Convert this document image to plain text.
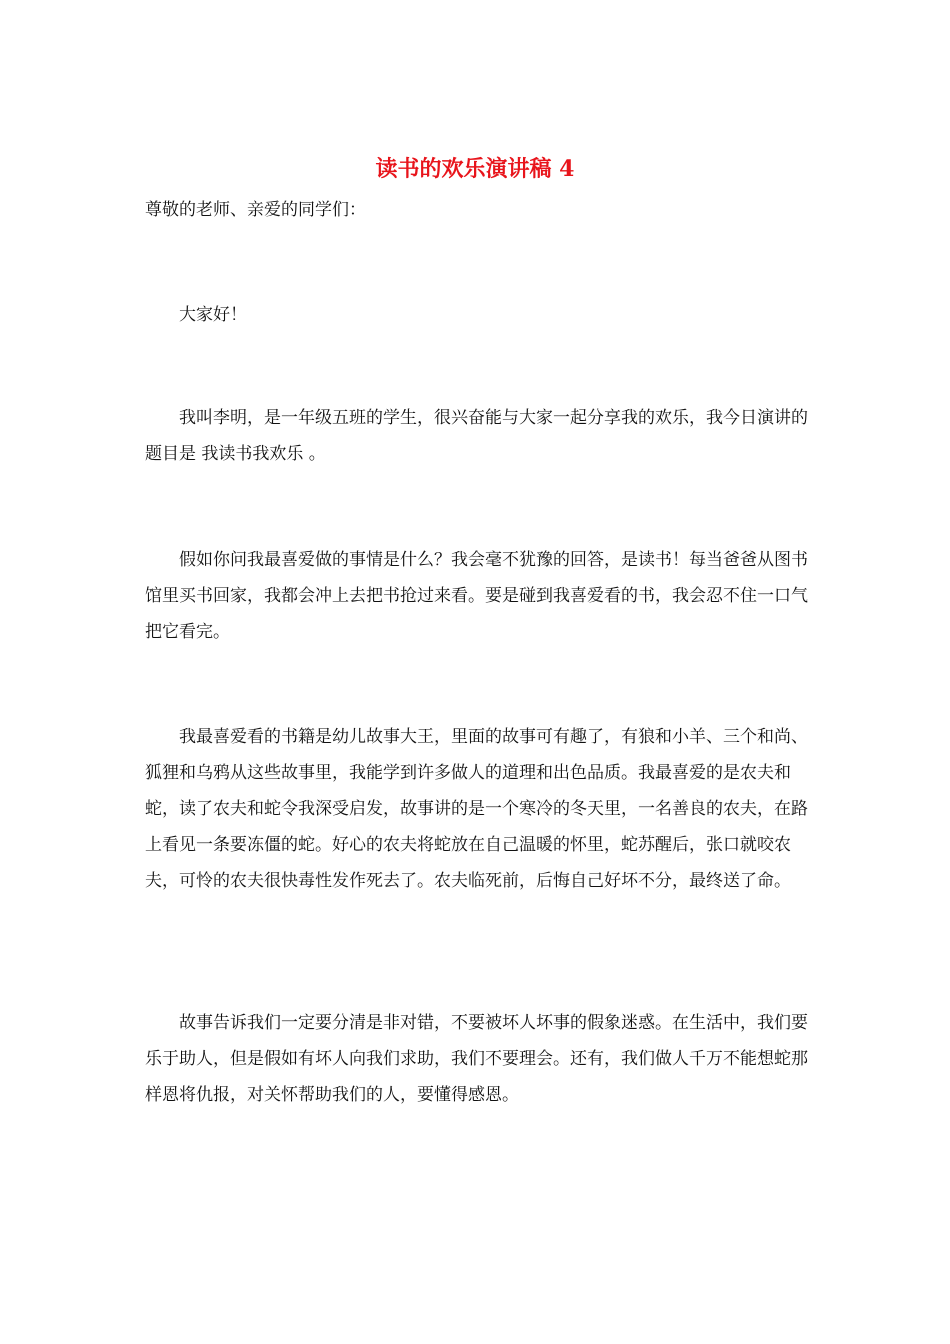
读书的欢乐演讲稿 4

尊敬的老师、亲爱的同学们：

大家好！

我叫李明，是一年级五班的学生，很兴奋能与大家一起分享我的欢乐，我今日演讲的题目是 我读书我欢乐 。

假如你问我最喜爱做的事情是什么？我会毫不犹豫的回答，是读书！每当爸爸从图书馆里买书回家，我都会冲上去把书抢过来看。要是碰到我喜爱看的书，我会忍不住一口气把它看完。

我最喜爱看的书籍是幼儿故事大王，里面的故事可有趣了，有狼和小羊、三个和尚、狐狸和乌鸦从这些故事里，我能学到许多做人的道理和出色品质。我最喜爱的是农夫和蛇，读了农夫和蛇令我深受启发，故事讲的是一个寒冷的冬天里，一名善良的农夫，在路上看见一条要冻僵的蛇。好心的农夫将蛇放在自己温暖的怀里，蛇苏醒后，张口就咬农夫，可怜的农夫很快毒性发作死去了。农夫临死前，后悔自己好坏不分，最终送了命。

故事告诉我们一定要分清是非对错，不要被坏人坏事的假象迷惑。在生活中，我们要乐于助人，但是假如有坏人向我们求助，我们不要理会。还有，我们做人千万不能想蛇那样恩将仇报，对关怀帮助我们的人，要懂得感恩。
